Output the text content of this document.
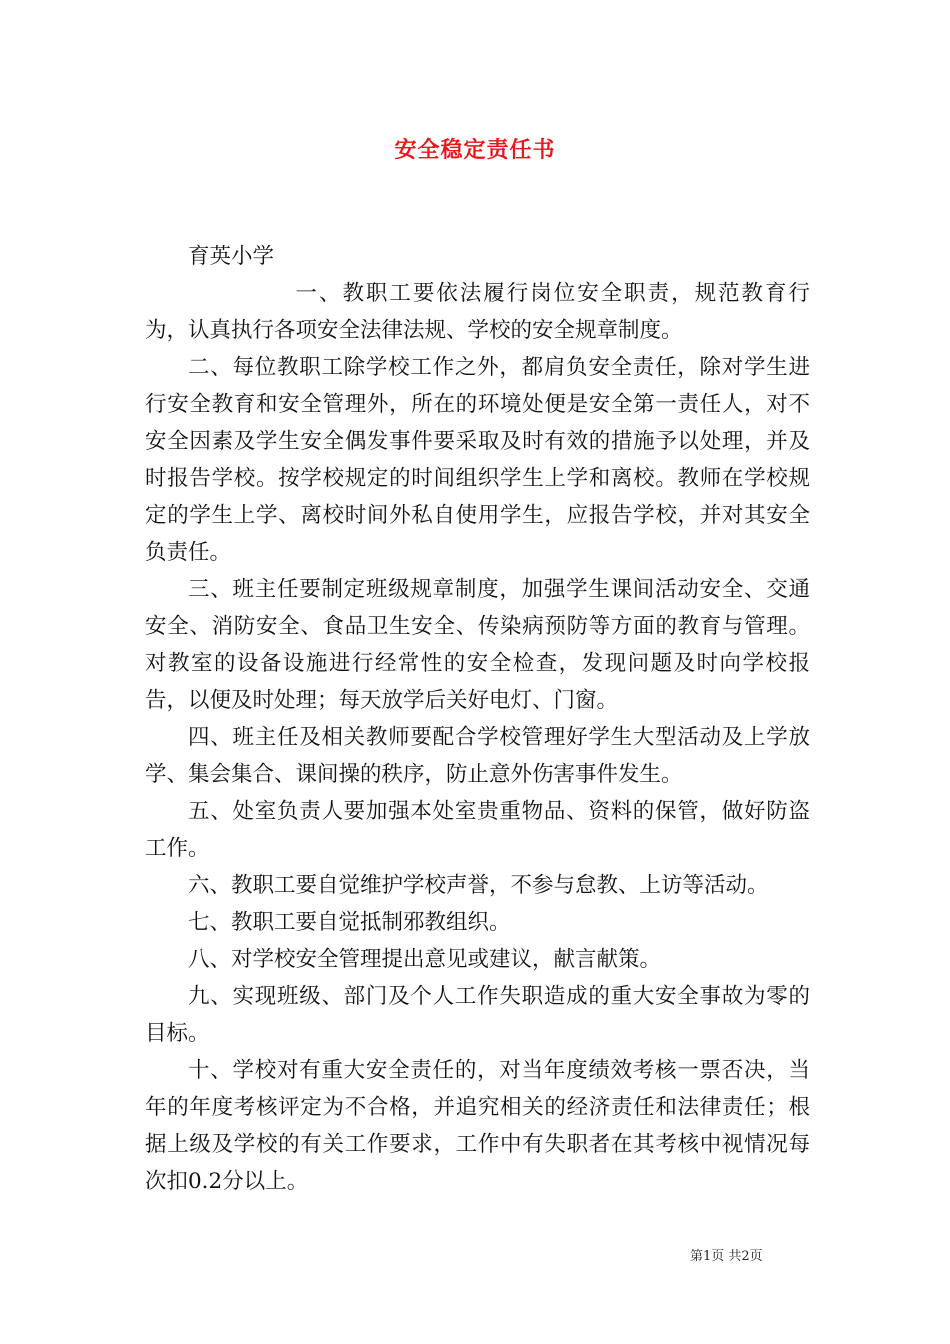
安全稳定责任书

育英小学

一、教职工要依法履行岗位安全职责，规范教育行为，认真执行各项安全法律法规、学校的安全规章制度。

二、每位教职工除学校工作之外，都肩负安全责任，除对学生进行安全教育和安全管理外，所在的环境处便是安全第一责任人，对不安全因素及学生安全偶发事件要采取及时有效的措施予以处理，并及时报告学校。按学校规定的时间组织学生上学和离校。教师在学校规定的学生上学、离校时间外私自使用学生，应报告学校，并对其安全负责任。

三、班主任要制定班级规章制度，加强学生课间活动安全、交通安全、消防安全、食品卫生安全、传染病预防等方面的教育与管理。对教室的设备设施进行经常性的安全检查，发现问题及时向学校报告，以便及时处理；每天放学后关好电灯、门窗。

四、班主任及相关教师要配合学校管理好学生大型活动及上学放学、集会集合、课间操的秩序，防止意外伤害事件发生。

五、处室负责人要加强本处室贵重物品、资料的保管，做好防盗工作。

六、教职工要自觉维护学校声誉，不参与怠教、上访等活动。

七、教职工要自觉抵制邪教组织。

八、对学校安全管理提出意见或建议，献言献策。

九、实现班级、部门及个人工作失职造成的重大安全事故为零的目标。

十、学校对有重大安全责任的，对当年度绩效考核一票否决，当年的年度考核评定为不合格，并追究相关的经济责任和法律责任；根据上级及学校的有关工作要求，工作中有失职者在其考核中视情况每次扣0.2分以上。

第1页 共2页
